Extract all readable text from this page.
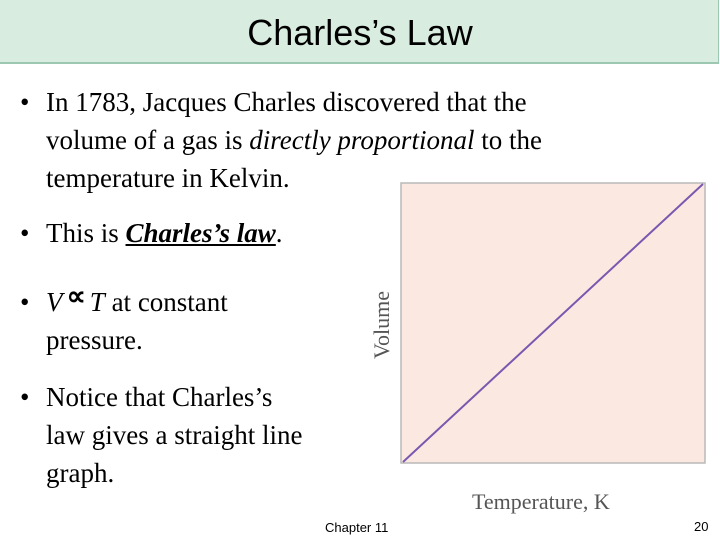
Charles’s Law
• In 1783, Jacques Charles discovered that the
volume of a gas is directly proportional to the
temperature in Kelvin.
• This is Charles’s law.
• V ∝ T at constant
pressure.
• Notice that Charles’s
law gives a straight line
graph.
Volume
Temperature, K
Chapter 11	20
